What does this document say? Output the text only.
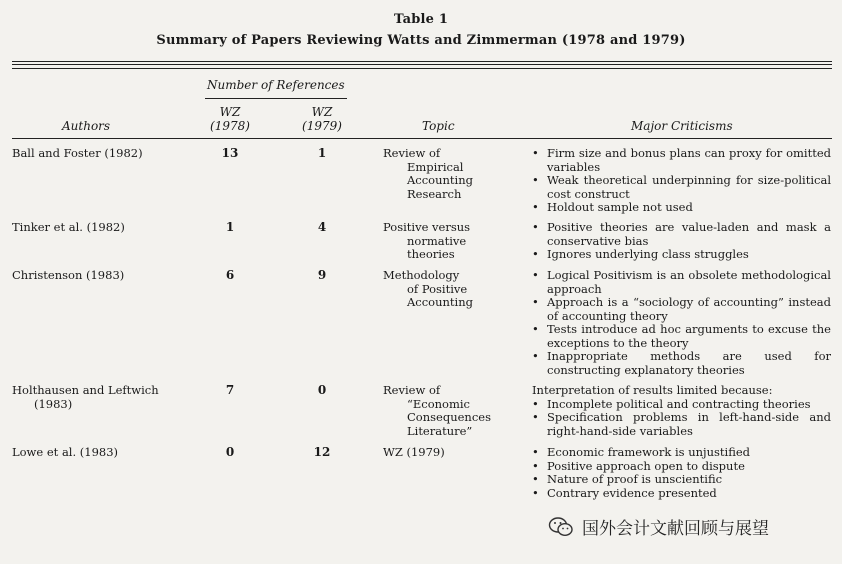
Table 1
Summary of Papers Reviewing Watts and Zimmerman (1978 and 1979)
Number of References
WZ
(1978)
WZ
(1979)
Authors	Topic	Major Criticisms
Ball and Foster (1982)	13	1	Review of
Empirical
Accounting
Research
• Firm size and bonus plans can proxy for omitted variables
• Weak theoretical underpinning for size-political cost construct
• Holdout sample not used
Tinker et al. (1982)	1	4	Positive versus
normative
theories
• Positive theories are value-laden and mask a conservative bias
• Ignores underlying class struggles
Christenson (1983)	6	9	Methodology
of Positive
Accounting
• Logical Positivism is an obsolete methodological approach
• Approach is a “sociology of accounting” instead of accounting theory
• Tests introduce ad hoc arguments to excuse the exceptions to the theory
• Inappropriate methods are used for constructing explanatory theories
Holthausen and Leftwich
(1983)
7	0	Review of
“Economic
Consequences
Literature”
Interpretation of results limited because:
• Incomplete political and contracting theories
• Specification problems in left-hand-side and right-hand-side variables
Lowe et al. (1983)	0	12	WZ (1979)
•	Economic framework is unjustified
• Positive approach open to dispute
• Nature of proof is unscientific
• Contrary evidence presented
国外会计文献回顾与展望
